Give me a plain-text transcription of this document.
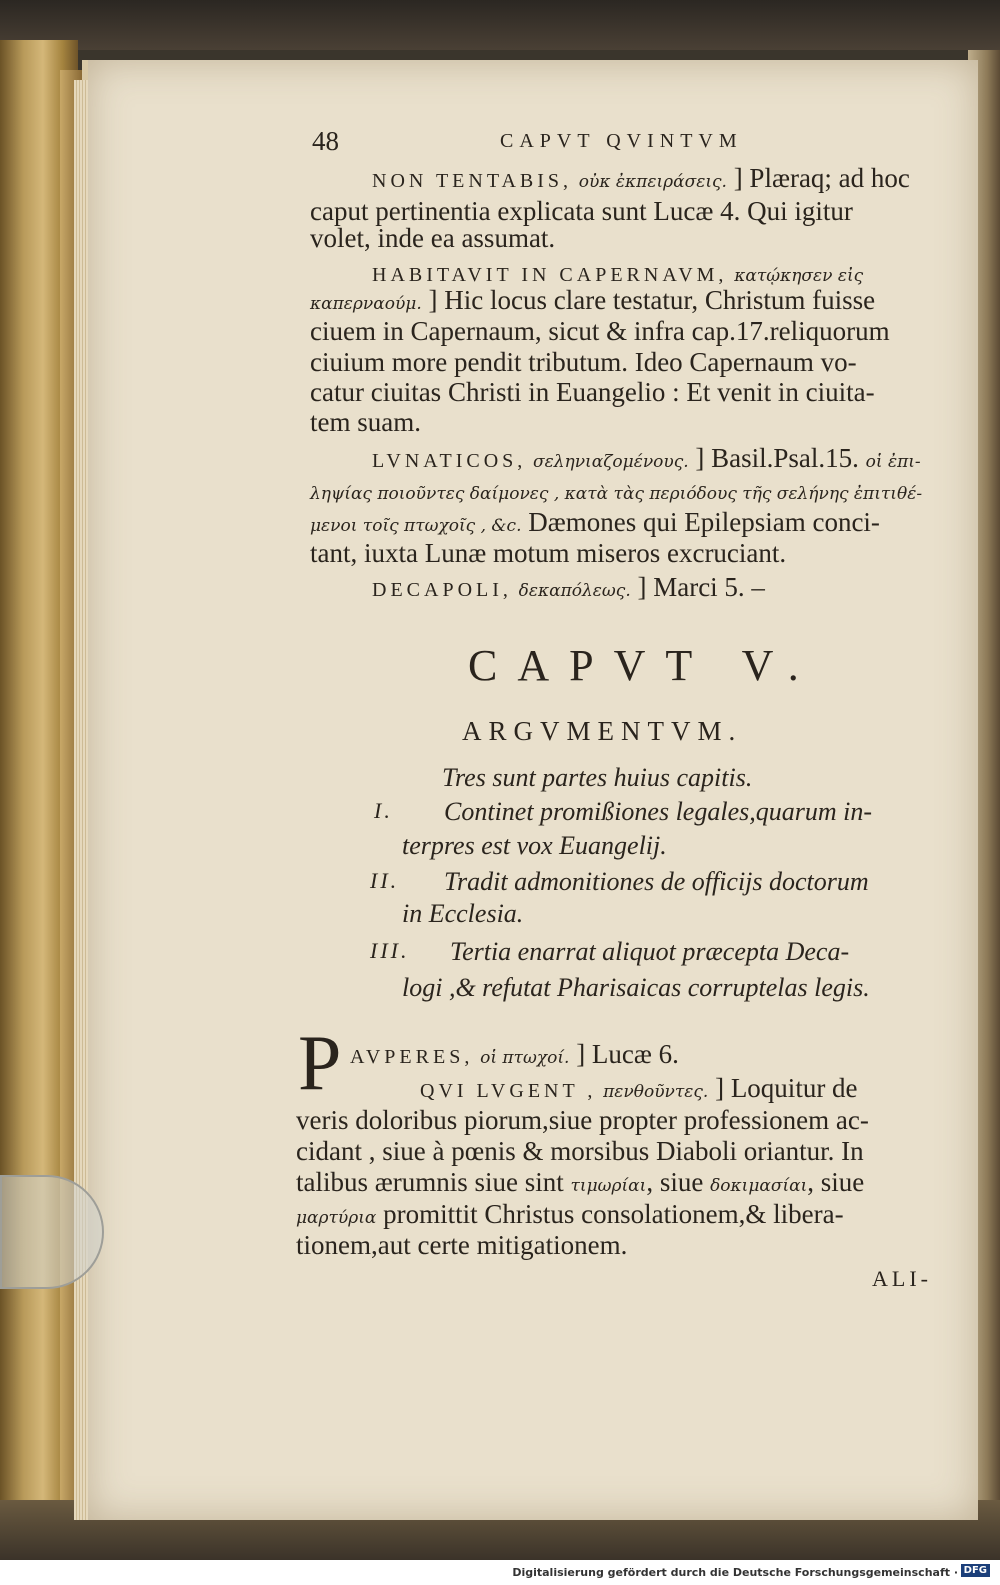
48	CAPVT QVINTVM
NON TENTABIS, οὐκ ἐκπειράσεις. ] Plæraq; ad hoc
caput pertinentia explicata sunt Lucæ 4. Qui igitur
volet, inde ea assumat.
HABITAVIT IN CAPERNAVM, κατῴκησεν εἰς
καπερναούμ. ] Hic locus clare testatur, Christum fuisse
ciuem in Capernaum, sicut & infra cap.17.reliquorum
ciuium more pendit tributum. Ideo Capernaum vo-
catur ciuitas Christi in Euangelio : Et venit in ciuita-
tem suam.
LVNATICOS, σεληνιαζομένους. ] Basil.Psal.15. οἱ ἐπι-
ληψίας ποιοῦντες δαίμονες , κατὰ τὰς περιόδους τῆς σελήνης ἐπιτιθέ-
μενοι τοῖς πτωχοῖς , &c. Dæmones qui Epilepsiam conci-
tant, iuxta Lunæ motum miseros excruciant.
DECAPOLI, δεκαπόλεως. ] Marci 5. –
CAPVT V.
ARGVMENTVM.
Tres sunt partes huius capitis.
I. Continet promißiones legales,quarum in-
terpres est vox Euangelij.
II. Tradit admonitiones de officijs doctorum
in Ecclesia.
III. Tertia enarrat aliquot præcepta Deca-
logi ,& refutat Pharisaicas corruptelas legis.
P AVPERES, οἱ πτωχοί. ] Lucæ 6.
QVI LVGENT , πενθοῦντες. ] Loquitur de
veris doloribus piorum,siue propter professionem ac-
cidant , siue à pœnis & morsibus Diaboli oriantur. In
talibus ærumnis siue sint τιμωρίαι, siue δοκιμασίαι, siue
μαρτύρια promittit Christus consolationem,& libera-
tionem,aut certe mitigationem.
ALI-
Digitalisierung gefördert durch die Deutsche Forschungsgemeinschaft · DFG
